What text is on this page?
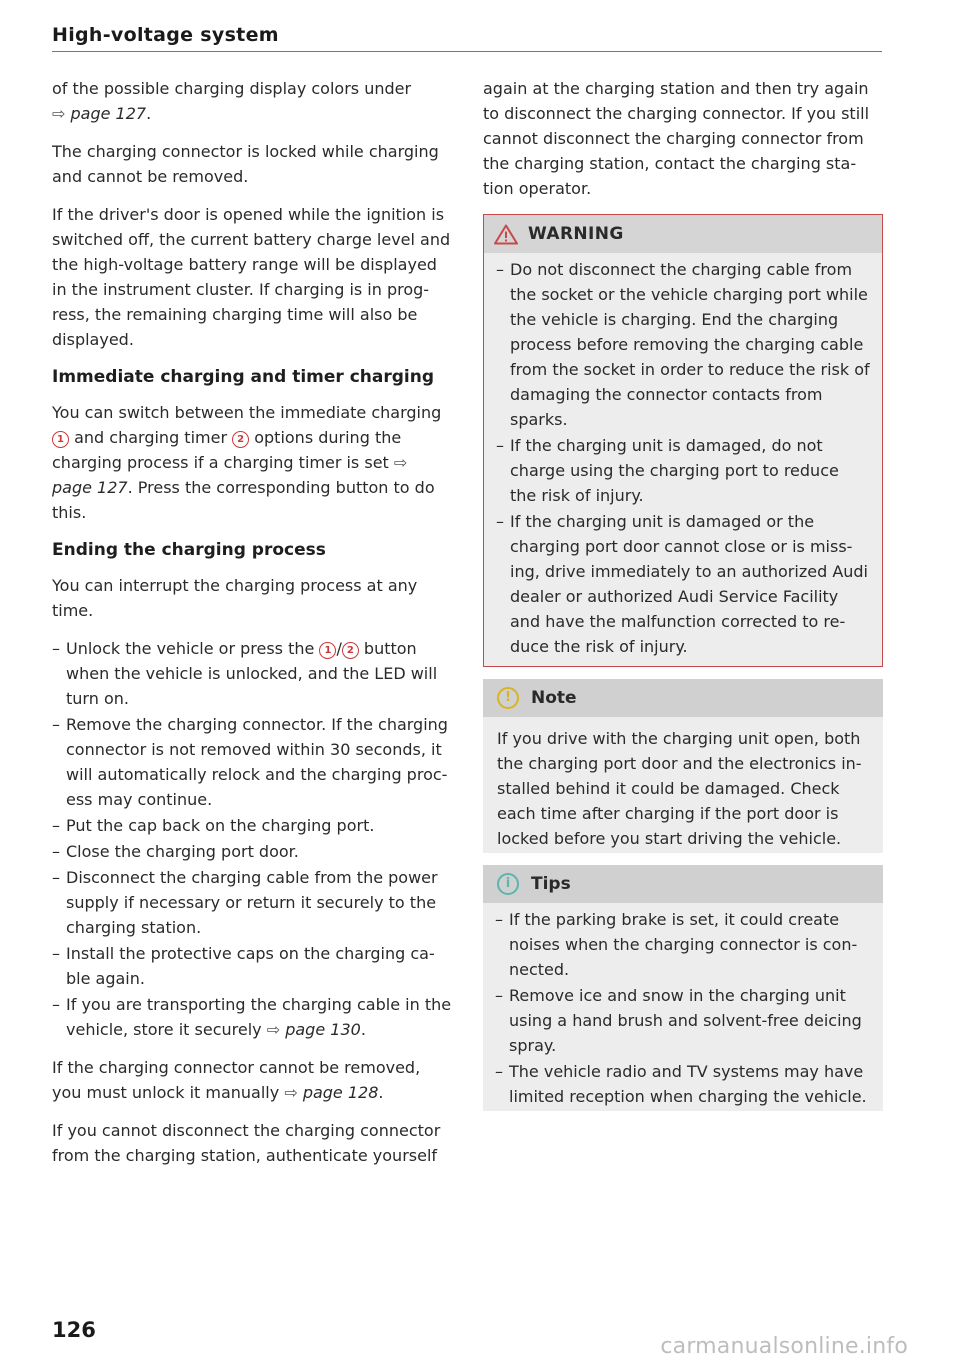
High-voltage system

of the possible charging display colors under
⇨ page 127.

The charging connector is locked while charging and cannot be removed.

If the driver's door is opened while the ignition is switched off, the current battery charge level and the high-voltage battery range will be displayed in the instrument cluster. If charging is in prog-ress, the remaining charging time will also be displayed.

Immediate charging and timer charging

You can switch between the immediate charging 1 and charging timer 2 options during the charging process if a charging timer is set ⇨ page 127. Press the corresponding button to do this.

Ending the charging process

You can interrupt the charging process at any time.

– Unlock the vehicle or press the 1 / 2 button when the vehicle is unlocked, and the LED will turn on.
– Remove the charging connector. If the charging connector is not removed within 30 seconds, it will automatically relock and the charging proc-ess may continue.
– Put the cap back on the charging port.
– Close the charging port door.
– Disconnect the charging cable from the power supply if necessary or return it securely to the charging station.
– Install the protective caps on the charging ca-ble again.
– If you are transporting the charging cable in the vehicle, store it securely ⇨ page 130.

If the charging connector cannot be removed, you must unlock it manually ⇨ page 128.

If you cannot disconnect the charging connector from the charging station, authenticate yourself

again at the charging station and then try again to disconnect the charging connector. If you still cannot disconnect the charging connector from the charging station, contact the charging sta-tion operator.

WARNING
– Do not disconnect the charging cable from the socket or the vehicle charging port while the vehicle is charging. End the charging process before removing the charging cable from the socket in order to reduce the risk of damaging the connector contacts from sparks.
– If the charging unit is damaged, do not charge using the charging port to reduce the risk of injury.
– If the charging unit is damaged or the charging port door cannot close or is miss-ing, drive immediately to an authorized Audi dealer or authorized Audi Service Facility and have the malfunction corrected to re-duce the risk of injury.
!	Note

If you drive with the charging unit open, both the charging port door and the electronics in-stalled behind it could be damaged. Check each time after charging if the port door is locked before you start driving the vehicle.

i	Tips
– If the parking brake is set, it could create noises when the charging connector is con-nected.
– Remove ice and snow in the charging unit using a hand brush and solvent-free deicing spray.
– The vehicle radio and TV systems may have limited reception when charging the vehicle.
126
carmanualsonline.info
